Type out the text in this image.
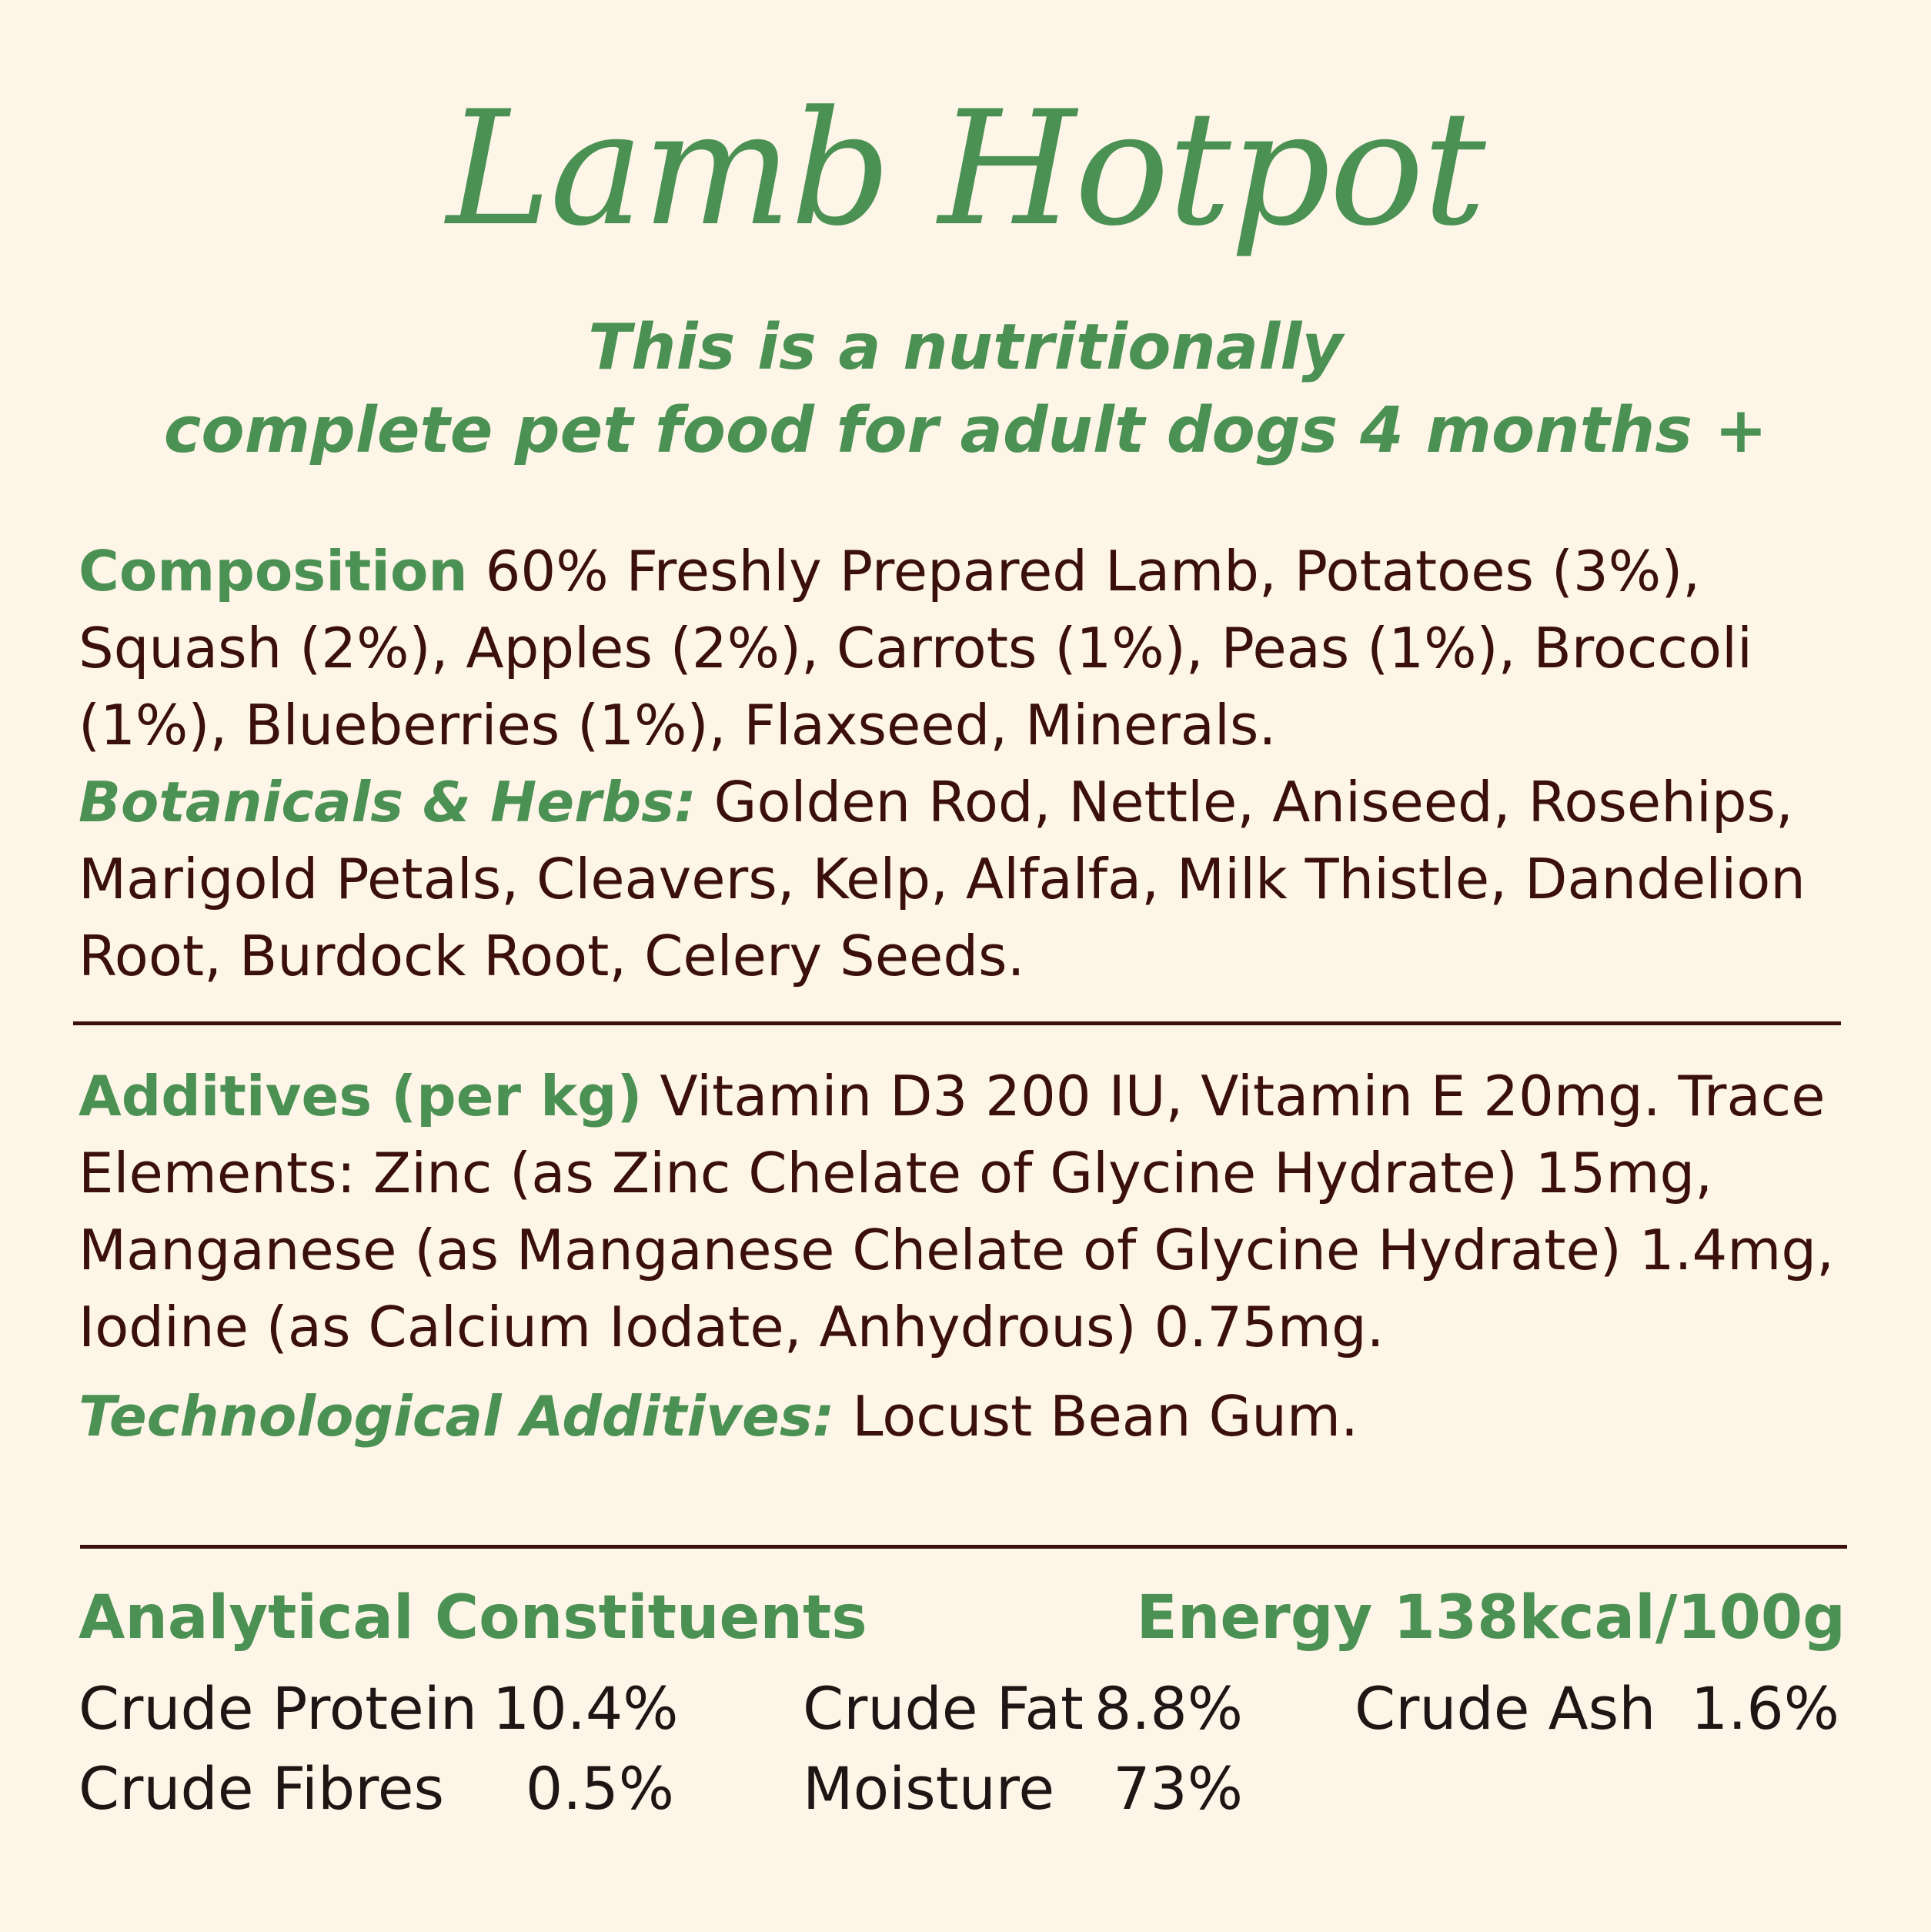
Lamb Hotpot
This is a nutritionally
complete pet food for adult dogs 4 months +

Composition 60% Freshly Prepared Lamb, Potatoes (3%), Squash (2%), Apples (2%), Carrots (1%), Peas (1%), Broccoli (1%), Blueberries (1%), Flaxseed, Minerals.
Botanicals & Herbs: Golden Rod, Nettle, Aniseed, Rosehips, Marigold Petals, Cleavers, Kelp, Alfalfa, Milk Thistle, Dandelion Root, Burdock Root, Celery Seeds.

Additives (per kg) Vitamin D3 200 IU, Vitamin E 20mg. Trace Elements: Zinc (as Zinc Chelate of Glycine Hydrate) 15mg, Manganese (as Manganese Chelate of Glycine Hydrate) 1.4mg, Iodine (as Calcium Iodate, Anhydrous) 0.75mg.

Technological Additives: Locust Bean Gum.

Analytical Constituents	Energy 138kcal/100g
Crude Protein 10.4% Crude Fat 8.8% Crude Ash 1.6%
Crude Fibres	0.5% Moisture 73%
